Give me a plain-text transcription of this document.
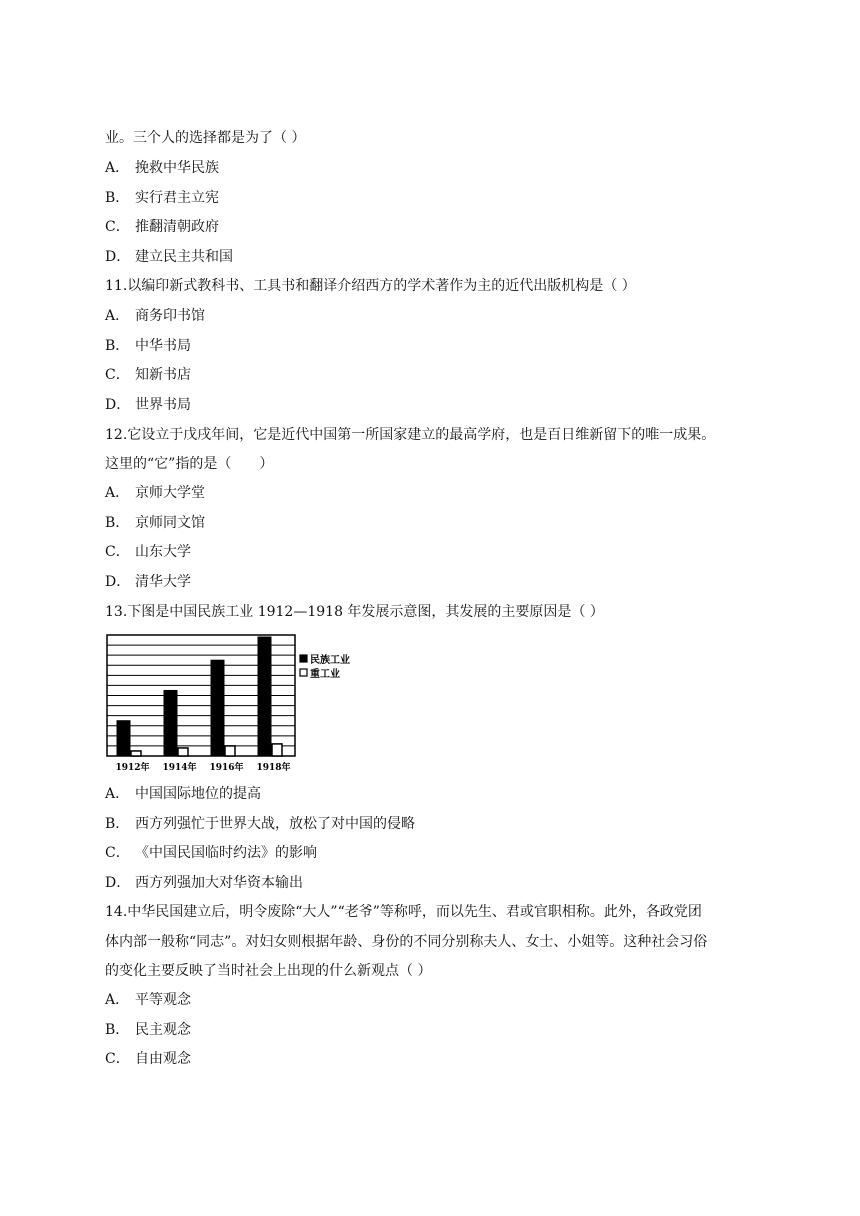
业。三个人的选择都是为了（ ）
A． 挽救中华民族
B． 实行君主立宪
C． 推翻清朝政府
D． 建立民主共和国
11.以编印新式教科书、工具书和翻译介绍西方的学术著作为主的近代出版机构是（ ）
A． 商务印书馆
B． 中华书局
C． 知新书店
D． 世界书局
12.它设立于戊戌年间，它是近代中国第一所国家建立的最高学府，也是百日维新留下的唯一成果。
这里的“它”指的是（　　）
A． 京师大学堂
B． 京师同文馆
C． 山东大学
D． 清华大学
13.下图是中国民族工业 1912—1918 年发展示意图，其发展的主要原因是（ ）
1912年 1914年 1916年 1918年
民族工业
重工业
A． 中国国际地位的提高
B． 西方列强忙于世界大战，放松了对中国的侵略
C． 《中国民国临时约法》的影响
D． 西方列强加大对华资本输出
14.中华民国建立后，明令废除“大人”“老爷”等称呼，而以先生、君或官职相称。此外，各政党团
体内部一般称“同志”。对妇女则根据年龄、身份的不同分别称夫人、女士、小姐等。这种社会习俗
的变化主要反映了当时社会上出现的什么新观点（ ）
A． 平等观念
B． 民主观念
C． 自由观念
